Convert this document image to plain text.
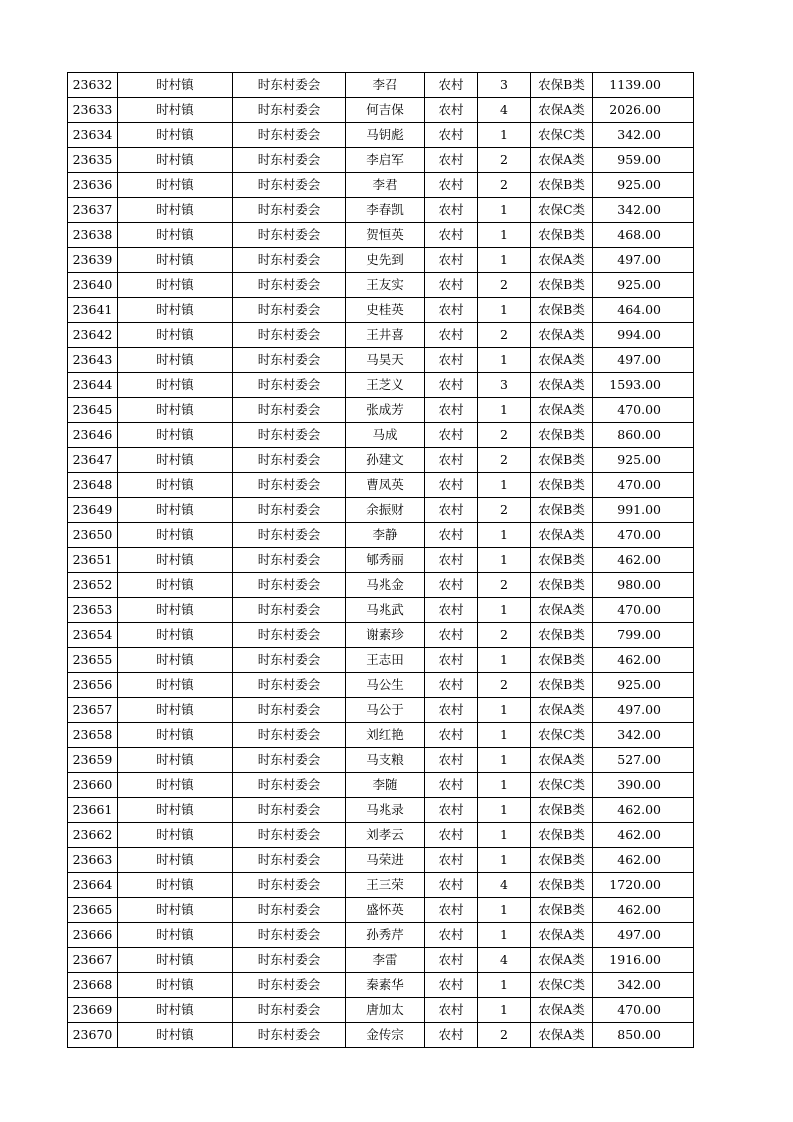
23632	时村镇	时东村委会	李召	农村	3	农保B类	1139.00
23633	时村镇	时东村委会	何吉保	农村	4	农保A类	2026.00
23634	时村镇	时东村委会	马钥彪	农村	1	农保C类	342.00
23635	时村镇	时东村委会	李启军	农村	2	农保A类	959.00
23636	时村镇	时东村委会	李君	农村	2	农保B类	925.00
23637	时村镇	时东村委会	李春凯	农村	1	农保C类	342.00
23638	时村镇	时东村委会	贺恒英	农村	1	农保B类	468.00
23639	时村镇	时东村委会	史先到	农村	1	农保A类	497.00
23640	时村镇	时东村委会	王友实	农村	2	农保B类	925.00
23641	时村镇	时东村委会	史桂英	农村	1	农保B类	464.00
23642	时村镇	时东村委会	王井喜	农村	2	农保A类	994.00
23643	时村镇	时东村委会	马昊天	农村	1	农保A类	497.00
23644	时村镇	时东村委会	王芝义	农村	3	农保A类	1593.00
23645	时村镇	时东村委会	张成芳	农村	1	农保A类	470.00
23646	时村镇	时东村委会	马成	农村	2	农保B类	860.00
23647	时村镇	时东村委会	孙建文	农村	2	农保B类	925.00
23648	时村镇	时东村委会	曹凤英	农村	1	农保B类	470.00
23649	时村镇	时东村委会	余振财	农村	2	农保B类	991.00
23650	时村镇	时东村委会	李静	农村	1	农保A类	470.00
23651	时村镇	时东村委会	郇秀丽	农村	1	农保B类	462.00
23652	时村镇	时东村委会	马兆金	农村	2	农保B类	980.00
23653	时村镇	时东村委会	马兆武	农村	1	农保A类	470.00
23654	时村镇	时东村委会	谢素珍	农村	2	农保B类	799.00
23655	时村镇	时东村委会	王志田	农村	1	农保B类	462.00
23656	时村镇	时东村委会	马公生	农村	2	农保B类	925.00
23657	时村镇	时东村委会	马公于	农村	1	农保A类	497.00
23658	时村镇	时东村委会	刘红艳	农村	1	农保C类	342.00
23659	时村镇	时东村委会	马支粮	农村	1	农保A类	527.00
23660	时村镇	时东村委会	李随	农村	1	农保C类	390.00
23661	时村镇	时东村委会	马兆录	农村	1	农保B类	462.00
23662	时村镇	时东村委会	刘孝云	农村	1	农保B类	462.00
23663	时村镇	时东村委会	马荣进	农村	1	农保B类	462.00
23664	时村镇	时东村委会	王三荣	农村	4	农保B类	1720.00
23665	时村镇	时东村委会	盛怀英	农村	1	农保B类	462.00
23666	时村镇	时东村委会	孙秀芹	农村	1	农保A类	497.00
23667	时村镇	时东村委会	李雷	农村	4	农保A类	1916.00
23668	时村镇	时东村委会	秦素华	农村	1	农保C类	342.00
23669	时村镇	时东村委会	唐加太	农村	1	农保A类	470.00
23670	时村镇	时东村委会	金传宗	农村	2	农保A类	850.00
